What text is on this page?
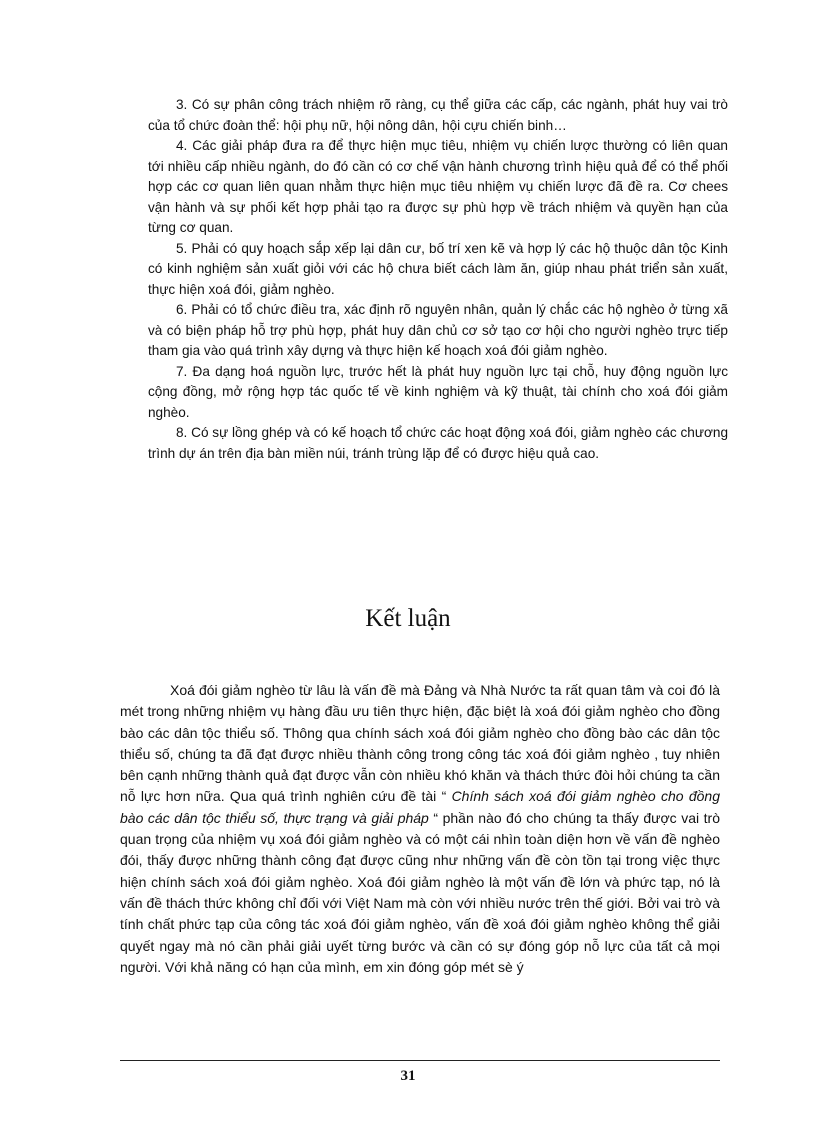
3. Có sự phân công trách nhiệm rõ ràng, cụ thể giữa các cấp, các ngành, phát huy vai trò của tổ chức đoàn thể: hội phụ nữ, hội nông dân, hội cựu chiến binh…

4. Các giải pháp đưa ra để thực hiện mục tiêu, nhiệm vụ chiến lược thường có liên quan tới nhiều cấp nhiều ngành, do đó cần có cơ chế vận hành chương trình hiệu quả để có thể phối hợp các cơ quan liên quan nhằm thực hiện mục tiêu nhiệm vụ chiến lược đã đề ra. Cơ chees vận hành và sự phối kết hợp phải tạo ra được sự phù hợp về trách nhiệm và quyền hạn của từng cơ quan.

5. Phải có quy hoạch sắp xếp lại dân cư, bố trí xen kẽ và hợp lý các hộ thuộc dân tộc Kinh có kinh nghiệm sản xuất giỏi với các hộ chưa biết cách làm ăn, giúp nhau phát triển sản xuất, thực hiện xoá đói, giảm nghèo.

6. Phải có tổ chức điều tra, xác định rõ nguyên nhân, quản lý chắc các hộ nghèo ở từng xã và có biện pháp hỗ trợ phù hợp, phát huy dân chủ cơ sở tạo cơ hội cho người nghèo trực tiếp tham gia vào quá trình xây dựng và thực hiện kế hoạch xoá đói giảm nghèo.

7. Đa dạng hoá nguồn lực, trước hết là phát huy nguồn lực tại chỗ, huy động nguồn lực cộng đồng, mở rộng hợp tác quốc tế về kinh nghiệm và kỹ thuật, tài chính cho xoá đói giảm nghèo.

8. Có sự lồng ghép và có kế hoạch tổ chức các hoạt động xoá đói, giảm nghèo các chương trình dự án trên địa bàn miền núi, tránh trùng lặp để có được hiệu quả cao.

Kết luận

Xoá đói giảm nghèo từ lâu là vấn đề mà Đảng và Nhà Nước ta rất quan tâm và coi đó là mét trong những nhiệm vụ hàng đầu ưu tiên thực hiện, đặc biệt là xoá đói giảm nghèo cho đồng bào các dân tộc thiểu số. Thông qua chính sách xoá đói giảm nghèo cho đồng bào các dân tộc thiểu số, chúng ta đã đạt được nhiều thành công trong công tác xoá đói giảm nghèo , tuy nhiên bên cạnh những thành quả đạt được vẫn còn nhiều khó khăn và thách thức đòi hỏi chúng ta cần nỗ lực hơn nữa. Qua quá trình nghiên cứu đề tài “ Chính sách xoá đói giảm nghèo cho đồng bào các dân tộc thiểu số, thực trạng và giải pháp “ phần nào đó cho chúng ta thấy được vai trò quan trọng của nhiệm vụ xoá đói giảm nghèo và có một cái nhìn toàn diện hơn về vấn đề nghèo đói, thấy được những thành công đạt được cũng như những vấn đề còn tồn tại trong việc thực hiện chính sách xoá đói giảm nghèo. Xoá đói giảm nghèo là một vấn đề lớn và phức tạp, nó là vấn đề thách thức không chỉ đối với Việt Nam mà còn với nhiều nước trên thế giới. Bởi vai trò và tính chất phức tạp của công tác xoá đói giảm nghèo, vấn đề xoá đói giảm nghèo không thể giải quyết ngay mà nó cần phải giải uyết từng bước và cần có sự đóng góp nỗ lực của tất cả mọi người. Với khả năng có hạn của mình, em xin đóng góp mét sè ý

31
